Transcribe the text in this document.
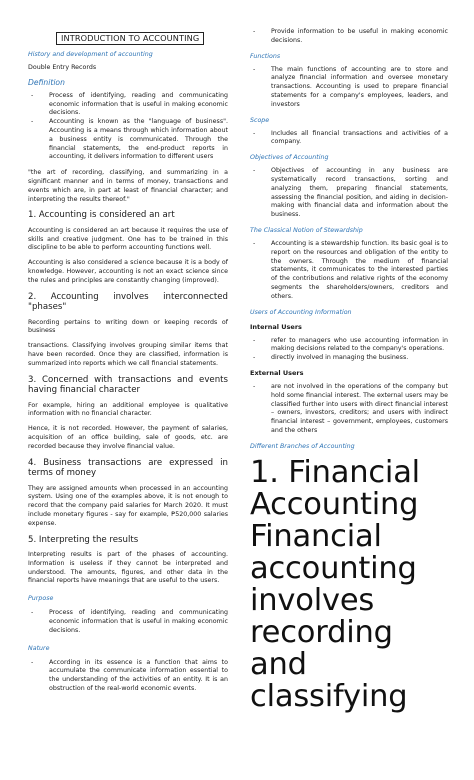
INTRODUCTION TO ACCOUNTING
History and development of accounting
Double Entry Records
Definition
- Process of identifying, reading and communicating economic information that is useful in making economic decisions.
- Accounting is known as the "language of business". Accounting is a means through which information about a business entity is communicated. Through the financial statements, the end-product reports in accounting, it delivers information to different users

"the art of recording, classifying, and summarizing in a significant manner and in terms of money, transactions and events which are, in part at least of financial character; and interpreting the results thereof."

1. Accounting is considered an art

Accounting is considered an art because it requires the use of skills and creative judgment. One has to be trained in this discipline to be able to perform accounting functions well.

Accounting is also considered a science because it is a body of knowledge. However, accounting is not an exact science since the rules and principles are constantly changing (improved).

2. Accounting involves interconnected "phases"

Recording pertains to writing down or keeping records of business

transactions. Classifying involves grouping similar items that have been recorded. Once they are classified, information is summarized into reports which we call financial statements.

3. Concerned with transactions and events having financial character

For example, hiring an additional employee is qualitative information with no financial character.

Hence, it is not recorded. However, the payment of salaries, acquisition of an office building, sale of goods, etc. are recorded because they involve financial value.

4. Business transactions are expressed in terms of money

They are assigned amounts when processed in an accounting system. Using one of the examples above, it is not enough to record that the company paid salaries for March 2020. It must include monetary figures - say for example, ₱520,000 salaries expense.

5. Interpreting the results

Interpreting results is part of the phases of accounting. Information is useless if they cannot be interpreted and understood. The amounts, figures, and other data in the financial reports have meanings that are useful to the users.

Purpose
- Process of identifying, reading and communicating economic information that is useful in making economic decisions.
Nature
- According in its essence is a function that aims to accumulate the communicate information essential to the understanding of the activities of an entity. It is an obstruction of the real-world economic events.
- Provide information to be useful in making economic decisions.
Functions
- The main functions of accounting are to store and analyze financial information and oversee monetary transactions. Accounting is used to prepare financial statements for a company's employees, leaders, and investors
Scope
- Includes all financial transactions and activities of a company.
Objectives of Accounting
- Objectives of accounting in any business are systematically record transactions, sorting and analyzing them, preparing financial statements, assessing the financial position, and aiding in decision-making with financial data and information about the business.
The Classical Notion of Stewardship
- Accounting is a stewardship function. Its basic goal is to report on the resources and obligation of the entity to the owners. Through the medium of financial statements, it communicates to the interested parties of the contributions and relative rights of the economy segments the shareholders/owners, creditors and others.
Users of Accounting Information
Internal Users
- refer to managers who use accounting information in making decisions related to the company's operations.
- directly involved in managing the business.
External Users
- are not involved in the operations of the company but hold some financial interest. The external users may be classified further into users with direct financial interest – owners, investors, creditors; and users with indirect financial interest – government, employees, customers and the others
Different Branches of Accounting
1. Financial Accounting Financial accounting involves recording and classifying
